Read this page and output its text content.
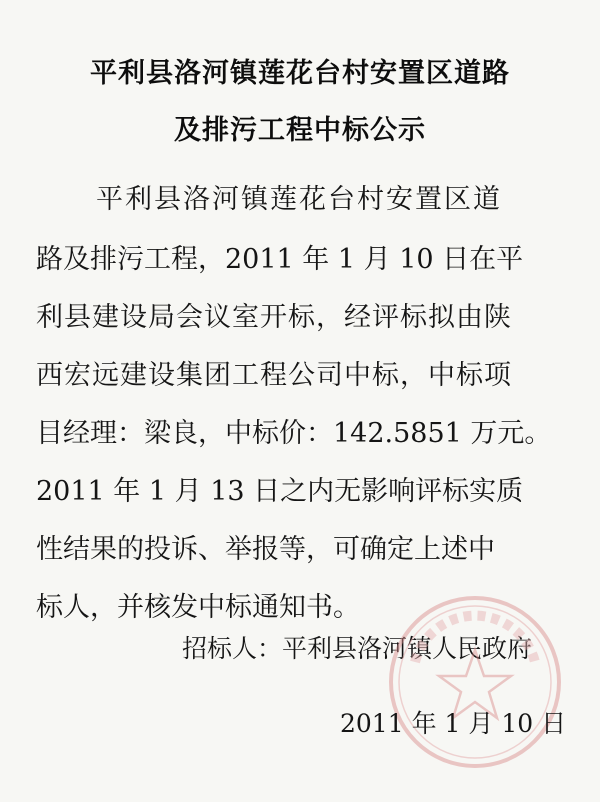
平利县洛河镇莲花台村安置区道路
及排污工程中标公示
平利县洛河镇莲花台村安置区道
路及排污工程，2011 年 1 月 10 日在平
利县建设局会议室开标，经评标拟由陕
西宏远建设集团工程公司中标，中标项
目经理：梁良，中标价：142.5851 万元。
2011 年 1 月 13 日之内无影响评标实质
性结果的投诉、举报等，可确定上述中
标人，并核发中标通知书。
招标人：平利县洛河镇人民政府
2011 年 1 月 10 日
